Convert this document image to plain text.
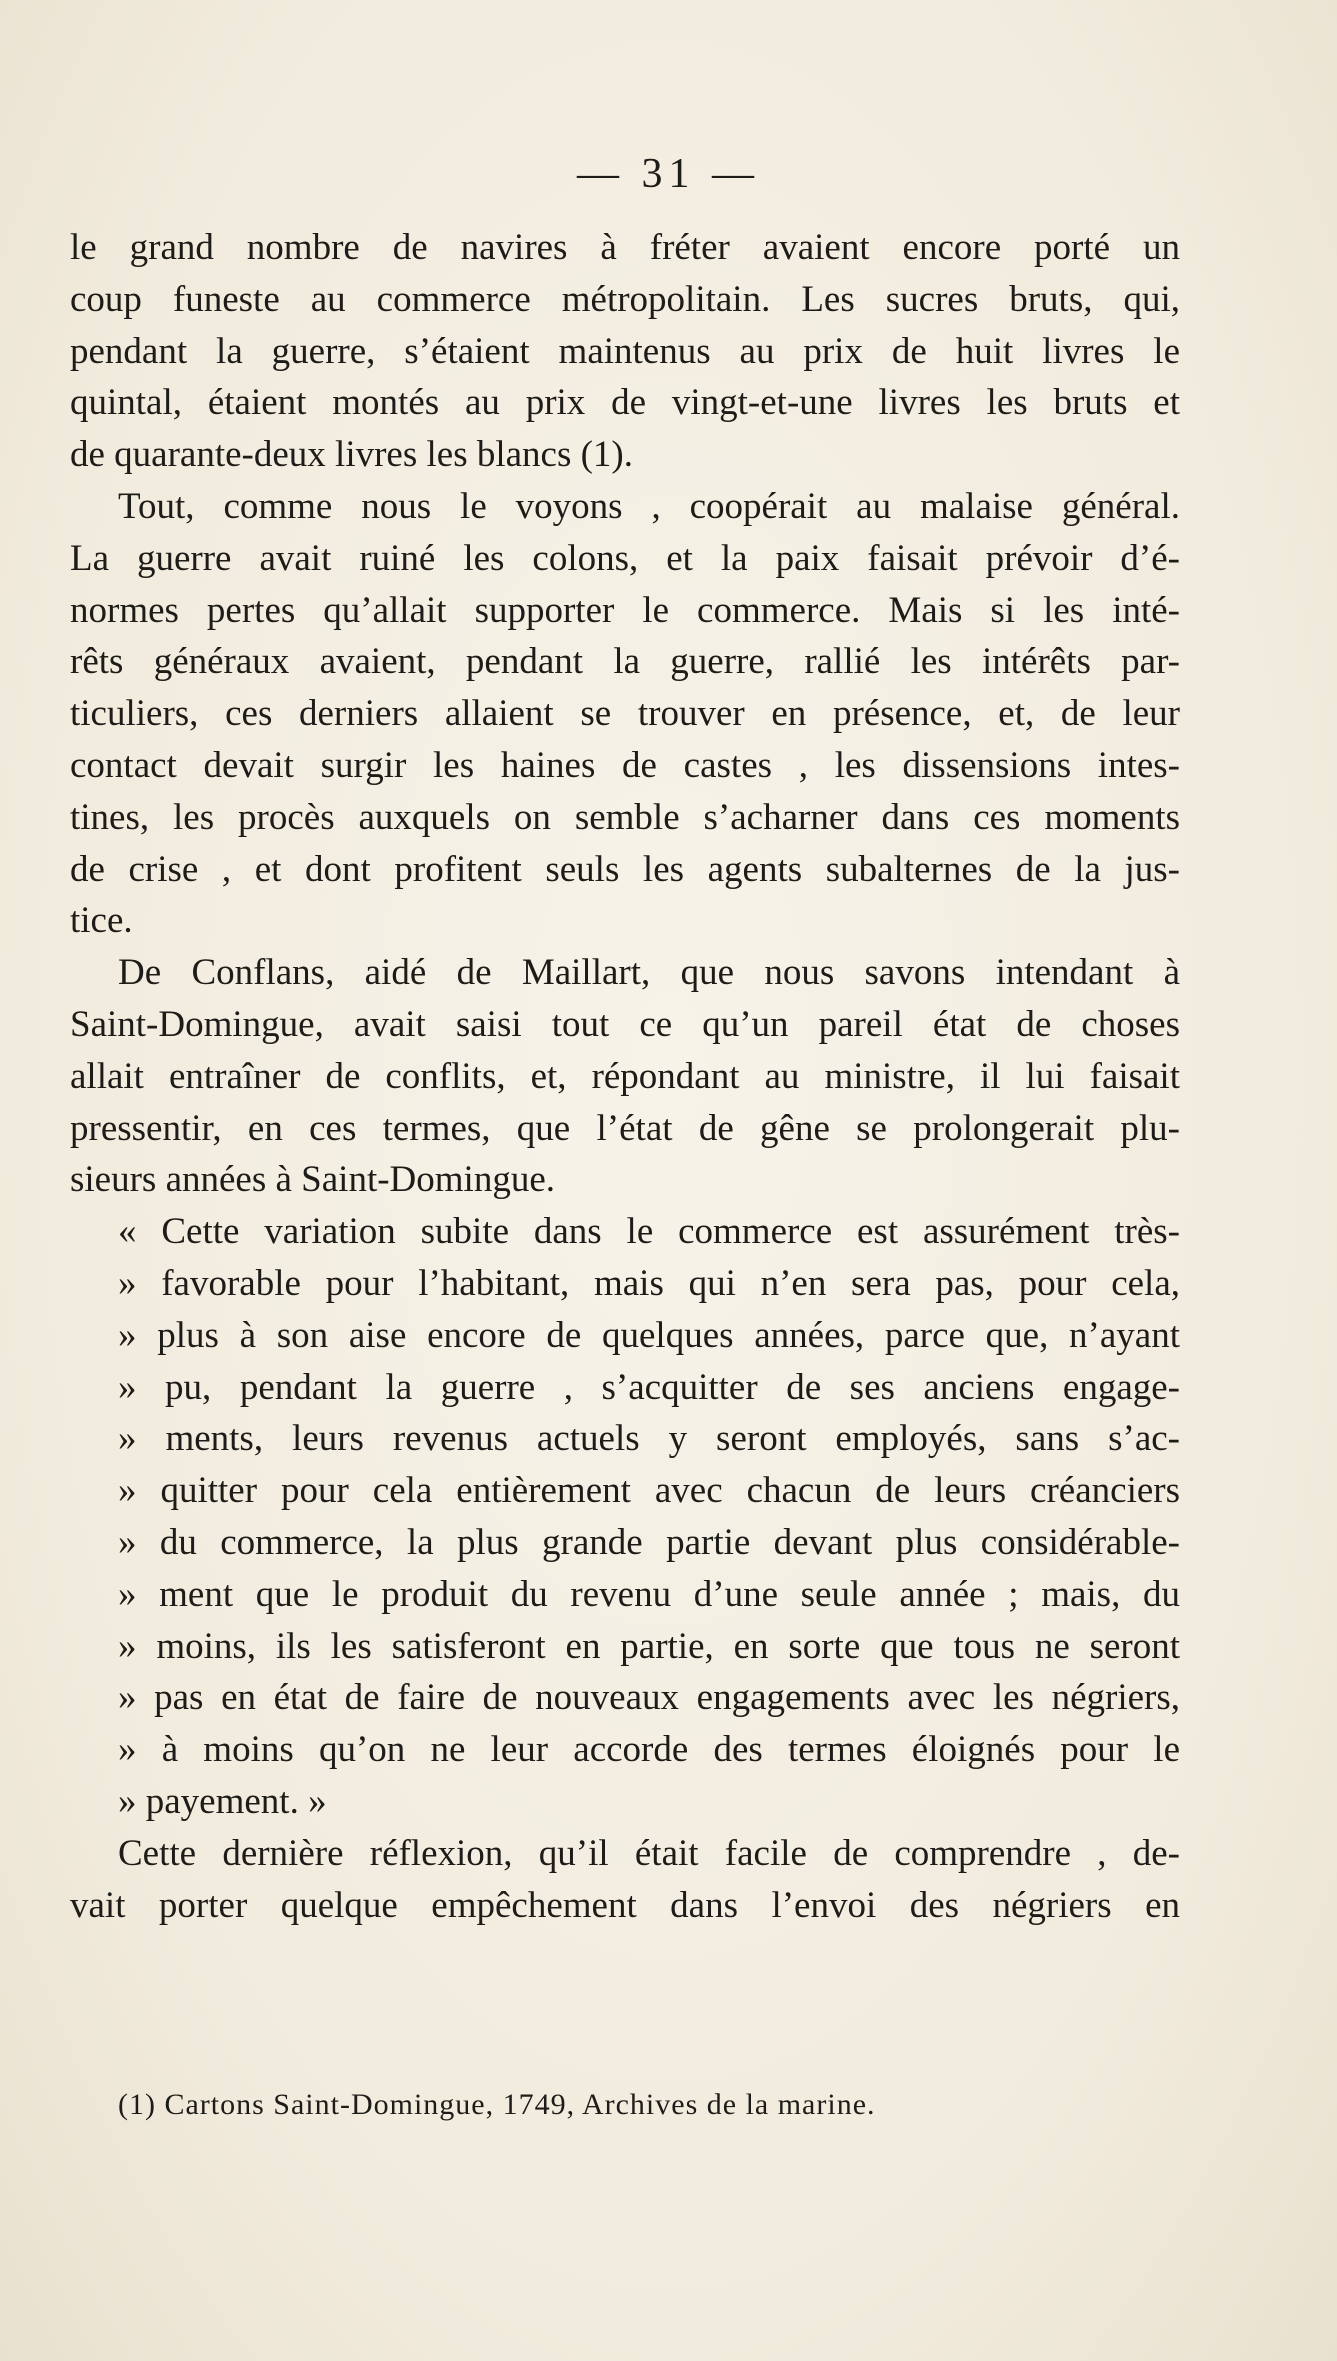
— 31 —
le grand nombre de navires à fréter avaient encore porté un
coup funeste au commerce métropolitain. Les sucres bruts, qui,
pendant la guerre, s’étaient maintenus au prix de huit livres le
quintal, étaient montés au prix de vingt-et-une livres les bruts et
de quarante-deux livres les blancs (1).
Tout, comme nous le voyons , coopérait au malaise général.
La guerre avait ruiné les colons, et la paix faisait prévoir d’é-
normes pertes qu’allait supporter le commerce. Mais si les inté-
rêts généraux avaient, pendant la guerre, rallié les intérêts par-
ticuliers, ces derniers allaient se trouver en présence, et, de leur
contact devait surgir les haines de castes , les dissensions intes-
tines, les procès auxquels on semble s’acharner dans ces moments
de crise , et dont profitent seuls les agents subalternes de la jus-
tice.
De Conflans, aidé de Maillart, que nous savons intendant à
Saint-Domingue, avait saisi tout ce qu’un pareil état de choses
allait entraîner de conflits, et, répondant au ministre, il lui faisait
pressentir, en ces termes, que l’état de gêne se prolongerait plu-
sieurs années à Saint-Domingue.
« Cette variation subite dans le commerce est assurément très-
» favorable pour l’habitant, mais qui n’en sera pas, pour cela,
» plus à son aise encore de quelques années, parce que, n’ayant
» pu, pendant la guerre , s’acquitter de ses anciens engage-
» ments, leurs revenus actuels y seront employés, sans s’ac-
» quitter pour cela entièrement avec chacun de leurs créanciers
» du commerce, la plus grande partie devant plus considérable-
» ment que le produit du revenu d’une seule année ; mais, du
» moins, ils les satisferont en partie, en sorte que tous ne seront
» pas en état de faire de nouveaux engagements avec les négriers,
» à moins qu’on ne leur accorde des termes éloignés pour le
» payement. »
Cette dernière réflexion, qu’il était facile de comprendre , de-
vait porter quelque empêchement dans l’envoi des négriers en
(1) Cartons Saint-Domingue, 1749, Archives de la marine.
